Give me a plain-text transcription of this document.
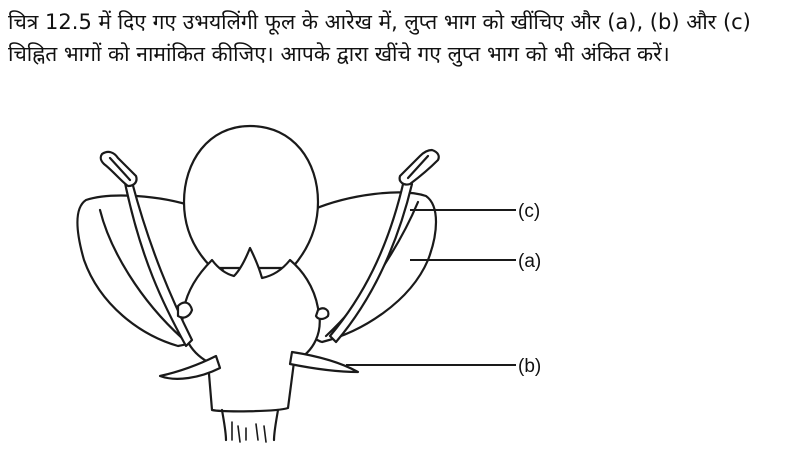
चित्र 12.5 में दिए गए उभयलिंगी फूल के आरेख में, लुप्त भाग को खींचिए और (a), (b) और (c) चिह्नित भागों को नामांकित कीजिए। आपके द्वारा खींचे गए लुप्त भाग को भी अंकित करें।

(c)
(a)
(b)
